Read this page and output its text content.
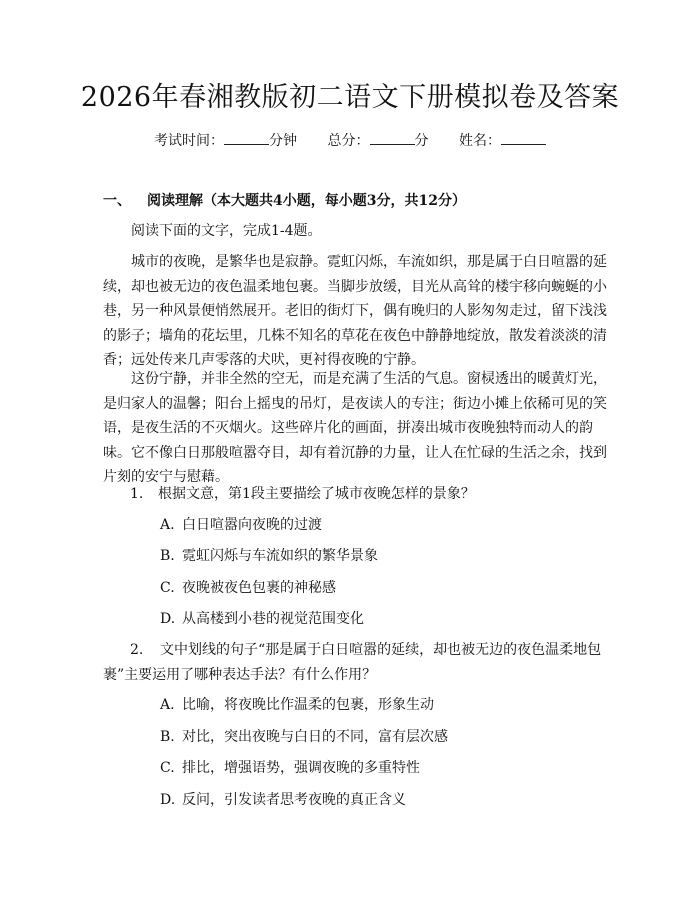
2026年春湘教版初二语文下册模拟卷及答案
考试时间：	分钟 总分：	分 姓名：
一、 阅读理解（本大题共4小题，每小题3分，共12分）
阅读下面的文字，完成1-4题。
城市的夜晚，是繁华也是寂静。霓虹闪烁，车流如织，那是属于白日喧嚣的延
续，却也被无边的夜色温柔地包裹。当脚步放缓，目光从高耸的楼宇移向蜿蜒的小
巷，另一种风景便悄然展开。老旧的街灯下，偶有晚归的人影匆匆走过，留下浅浅
的影子；墙角的花坛里，几株不知名的草花在夜色中静静地绽放，散发着淡淡的清
香；远处传来几声零落的犬吠，更衬得夜晚的宁静。
这份宁静，并非全然的空无，而是充满了生活的气息。窗棂透出的暖黄灯光，
是归家人的温馨；阳台上摇曳的吊灯，是夜读人的专注；街边小摊上依稀可见的笑
语，是夜生活的不灭烟火。这些碎片化的画面，拼凑出城市夜晚独特而动人的韵
味。它不像白日那般喧嚣夺目，却有着沉静的力量，让人在忙碌的生活之余，找到
片刻的安宁与慰藉。
1. 根据文意，第1段主要描绘了城市夜晚怎样的景象？
A. 白日喧嚣向夜晚的过渡
B. 霓虹闪烁与车流如织的繁华景象
C. 夜晚被夜色包裹的神秘感
D. 从高楼到小巷的视觉范围变化
2. 文中划线的句子“那是属于白日喧嚣的延续，却也被无边的夜色温柔地包
裹”主要运用了哪种表达手法？有什么作用？
A. 比喻，将夜晚比作温柔的包裹，形象生动
B. 对比，突出夜晚与白日的不同，富有层次感
C. 排比，增强语势，强调夜晚的多重特性
D. 反问，引发读者思考夜晚的真正含义
